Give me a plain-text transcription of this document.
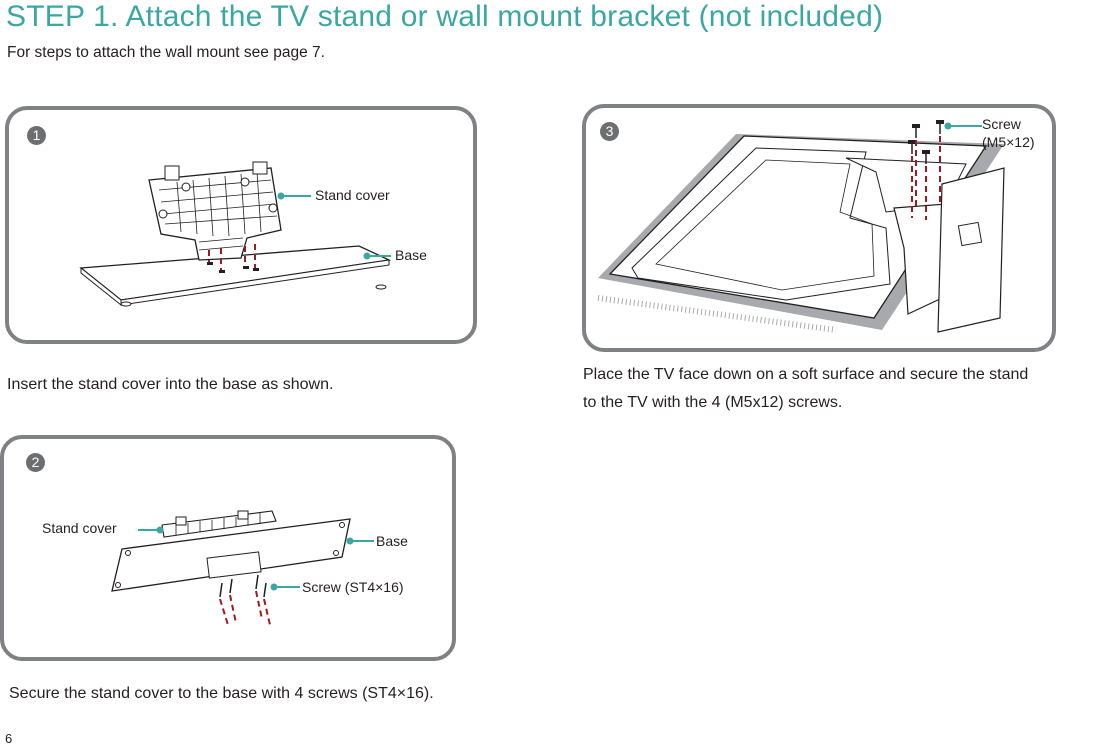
STEP 1. Attach the TV stand or wall mount bracket (not included)
For steps to attach the wall mount see page 7.
1
Stand cover
Base
Insert the stand cover into the base as shown.
2
Stand cover
Base
Screw (ST4×16)
Secure the stand cover to the base with 4 screws (ST4×16).
3	Screw
(M5×12)
Place the TV face down on a soft surface and secure the stand
to the TV with the 4 (M5x12) screws.
6
